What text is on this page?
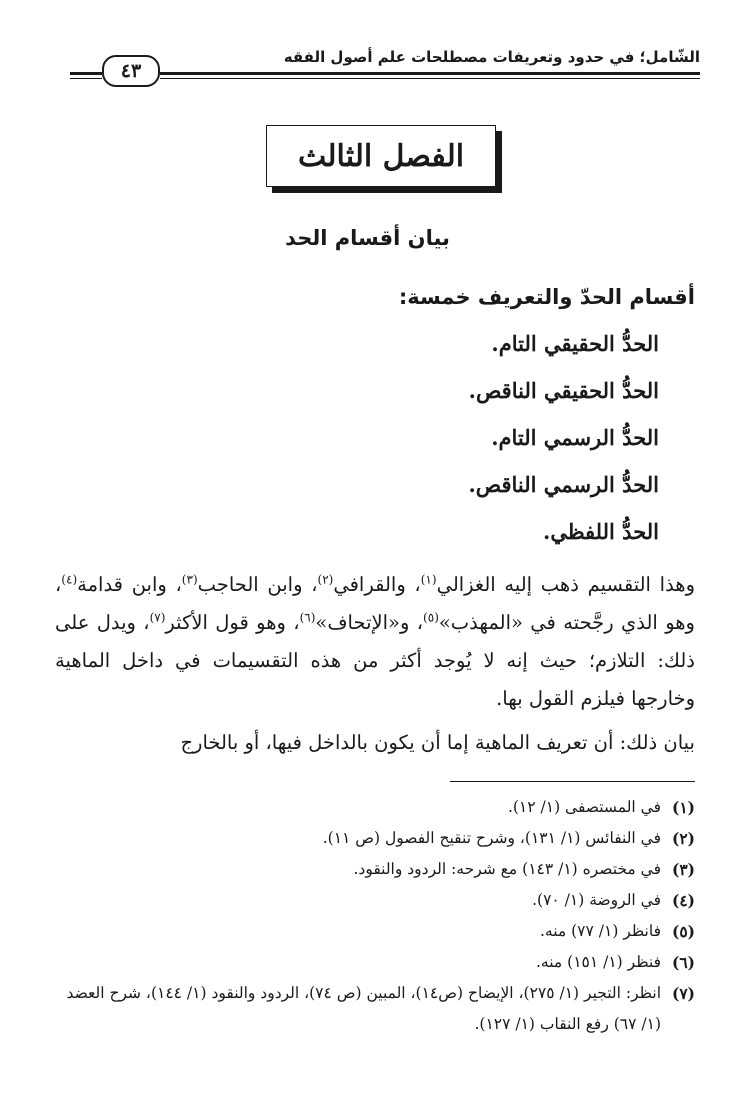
الشّامل؛ في حدود وتعريفات مصطلحات علم أصول الفقه
٤٣
الفصل الثالث
بيان أقسام الحد
أقسام الحدّ والتعريف خمسة:
الحدُّ الحقيقي التام.
الحدُّ الحقيقي الناقص.
الحدُّ الرسمي التام.
الحدُّ الرسمي الناقص.
الحدُّ اللفظي.
وهذا التقسيم ذهب إليه الغزالي$^{(١)}$، والقرافي$^{(٢)}$، وابن الحاجب$^{(٣)}$، وابن قدامة$^{(٤)}$، وهو الذي رجَّحته في «المهذب»$^{(٥)}$، و«الإتحاف»$^{(٦)}$، وهو قول الأكثر$^{(٧)}$، ويدل على ذلك: التلازم؛ حيث إنه لا يُوجد أكثر من هذه التقسيمات في داخل الماهية وخارجها فيلزم القول بها.
بيان ذلك: أن تعريف الماهية إما أن يكون بالداخل فيها، أو بالخارج
(١)
في المستصفى (١/ ١٢).
(٢)
في النفائس (١/ ١٣١)، وشرح تنقيح الفصول (ص ١١).
(٣)
في مختصره (١/ ١٤٣) مع شرحه: الردود والنقود.
(٤)
في الروضة (١/ ٧٠).
(٥)
فانظر (١/ ٧٧) منه.
(٦)
فنظر (١/ ١٥١) منه.
(٧)
انظر: التجير (١/ ٢٧٥)، الإيضاح (ص١٤)، المبين (ص ٧٤)، الردود والنقود (١/ ١٤٤)، شرح العضد (١/ ٦٧) رفع النقاب (١/ ١٢٧).
